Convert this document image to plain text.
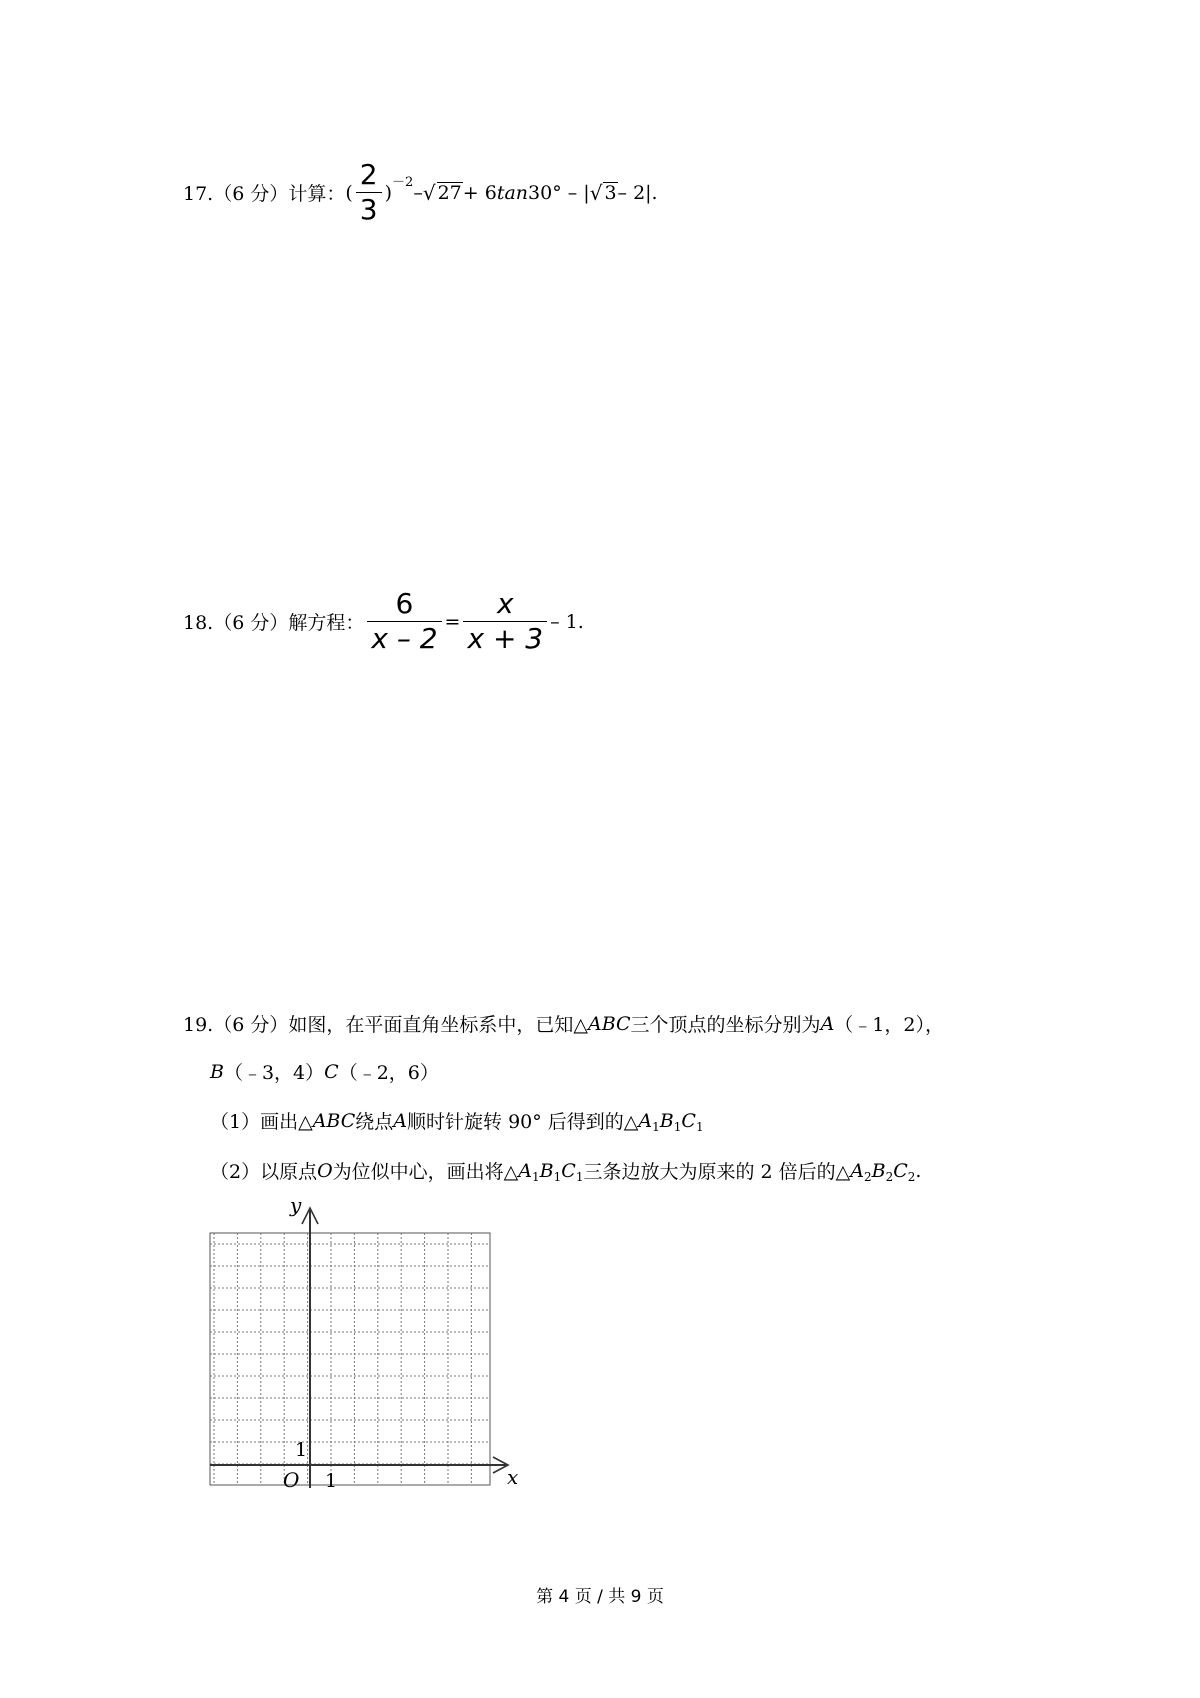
17.（6 分）计算： ( $\frac{2}{3}$ ) －2 – √ 27 + 6 tan 30° – | √ 3 – 2|.
18.（6 分）解方程： $\frac{6}{x - 2} = \frac{x}{x + 3} - 1$.
19.（6 分）如图，在平面直角坐标系中，已知△ ABC 三个顶点的坐标分别为 A （﹣1，2），
B （﹣3，4） C （﹣2，6）
（1）画出△ ABC 绕点 A 顺时针旋转 90° 后得到的△ A 1 B 1 C 1
（2）以原点 O 为位似中心，画出将△ A 1 B 1 C 1 三条边放大为原来的 2 倍后的△ A 2 B 2 C 2 .
y
x
O 1
1
第 4 页 / 共 9 页
